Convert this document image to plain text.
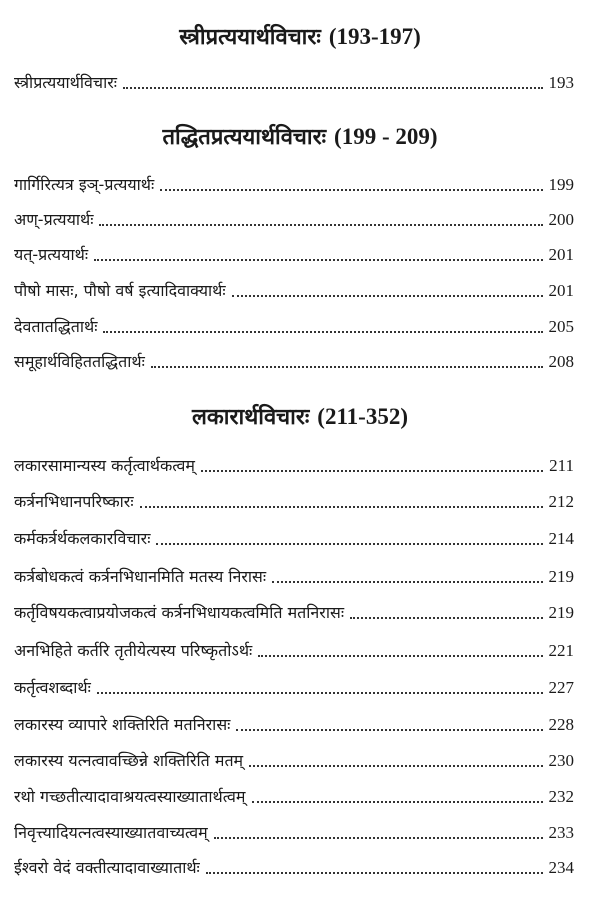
स्त्रीप्रत्ययार्थविचारः (193-197)
स्त्रीप्रत्ययार्थविचारः	193
तद्धितप्रत्ययार्थविचारः (199 - 209)
गार्गिरित्यत्र इञ्-प्रत्ययार्थः	199
अण्-प्रत्ययार्थः	200
यत्-प्रत्ययार्थः	201
पौषो मासः, पौषो वर्ष इत्यादिवाक्यार्थः	201
देवतातद्धितार्थः	205
समूहार्थविहिततद्धितार्थः	208
लकारार्थविचारः (211-352)
लकारसामान्यस्य कर्तृत्वार्थकत्वम्	211
कर्त्रनभिधानपरिष्कारः	212
कर्मकर्त्रर्थकलकारविचारः	214
कर्त्रबोधकत्वं कर्त्रनभिधानमिति मतस्य निरासः	219
कर्तृविषयकत्वाप्रयोजकत्वं कर्त्रनभिधायकत्वमिति मतनिरासः	219
अनभिहिते कर्तरि तृतीयेत्यस्य परिष्कृतोऽर्थः	221
कर्तृत्वशब्दार्थः	227
लकारस्य व्यापारे शक्तिरिति मतनिरासः	228
लकारस्य यत्नत्वावच्छिन्ने शक्तिरिति मतम्	230
रथो गच्छतीत्यादावाश्रयत्वस्याख्यातार्थत्वम्	232
निवृत्त्यादियत्नत्वस्याख्यातवाच्यत्वम्	233
ईश्वरो वेदं वक्तीत्यादावाख्यातार्थः	234
